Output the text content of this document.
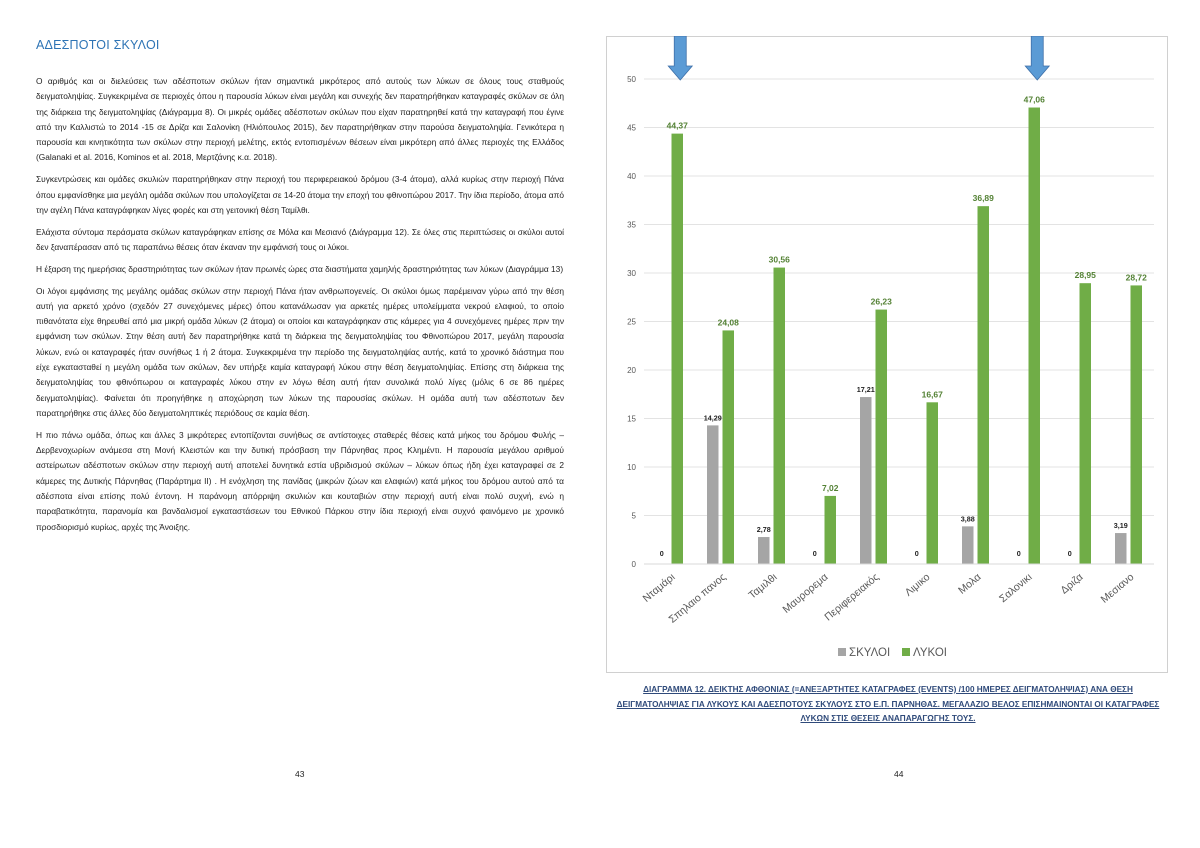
ΑΔΕΣΠΟΤΟΙ ΣΚΥΛΟΙ

Ο αριθμός και οι διελεύσεις των αδέσποτων σκύλων ήταν σημαντικά μικρότερος από αυτούς των λύκων σε όλους τους σταθμούς δειγματοληψίας. Συγκεκριμένα σε περιοχές όπου η παρουσία λύκων είναι μεγάλη και συνεχής δεν παρατηρήθηκαν καταγραφές σκύλων σε όλη της διάρκεια της δειγματοληψίας (Διάγραμμα 8). Οι μικρές ομάδες αδέσποτων σκύλων που είχαν παρατηρηθεί κατά την καταγραφή που έγινε από την Καλλιστώ το 2014 -15 σε Δρίζα και Σαλονίκη (Ηλιόπουλος 2015), δεν παρατηρήθηκαν στην παρούσα δειγματοληψία. Γενικότερα η παρουσία και κινητικότητα των σκύλων στην περιοχή μελέτης, εκτός εντοπισμένων θέσεων είναι μικρότερη από άλλες περιοχές της Ελλάδος (Galanaki et al. 2016, Kominos et al. 2018, Μερτζάνης κ.α. 2018).

Συγκεντρώσεις και ομάδες σκυλιών παρατηρήθηκαν στην περιοχή του περιφερειακού δρόμου (3-4 άτομα), αλλά κυρίως στην περιοχή Πάνα όπου εμφανίσθηκε μια μεγάλη ομάδα σκύλων που υπολογίζεται σε 14-20 άτομα την εποχή του φθινοπώρου 2017. Την ίδια περίοδο, άτομα από την αγέλη Πάνα καταγράφηκαν λίγες φορές και στη γειτονική θέση Ταμίλθι.

Ελάχιστα σύντομα περάσματα σκύλων καταγράφηκαν επίσης σε Μόλα και Μεσιανό (Διάγραμμα 12). Σε όλες στις περιπτώσεις οι σκύλοι αυτοί δεν ξαναπέρασαν από τις παραπάνω θέσεις όταν έκαναν την εμφάνισή τους οι λύκοι.

Η έξαρση της ημερήσιας δραστηριότητας των σκύλων ήταν πρωινές ώρες στα διαστήματα χαμηλής δραστηριότητας των λύκων (Διαγράμμα 13)

Οι λόγοι εμφάνισης της μεγάλης ομάδας σκύλων στην περιοχή Πάνα ήταν ανθρωπογενείς. Οι σκύλοι όμως παρέμειναν γύρω από την θέση αυτή για αρκετό χρόνο (σχεδόν 27 συνεχόμενες μέρες) όπου κατανάλωσαν για αρκετές ημέρες υπολείμματα νεκρού ελαφιού, το οποίο πιθανότατα είχε θηρευθεί από μια μικρή ομάδα λύκων (2 άτομα) οι οποίοι και καταγράφηκαν στις κάμερες για 4 συνεχόμενες ημέρες πριν την εμφάνιση των σκύλων. Στην θέση αυτή δεν παρατηρήθηκε κατά τη διάρκεια της δειγματοληψίας του Φθινοπώρου 2017, μεγάλη παρουσία λύκων, ενώ οι καταγραφές ήταν συνήθως 1 ή 2 άτομα. Συγκεκριμένα την περίοδο της δειγματοληψίας αυτής, κατά το χρονικό διάστημα που είχε εγκατασταθεί η μεγάλη ομάδα των σκύλων, δεν υπήρξε καμία καταγραφή λύκου στην θέση δειγματοληψίας. Επίσης στη διάρκεια της δειγματοληψίας του φθινόπωρου οι καταγραφές λύκου στην εν λόγω θέση αυτή ήταν συνολικά πολύ λίγες (μόλις 6 σε 86 ημέρες δειγματοληψίας). Φαίνεται ότι προηγήθηκε η αποχώρηση των λύκων της παρουσίας σκύλων. Η ομάδα αυτή των αδέσποτων δεν παρατηρήθηκε στις άλλες δύο δειγματοληπτικές περιόδους σε καμία θέση.

Η πιο πάνω ομάδα, όπως και άλλες 3 μικρότερες εντοπίζονται συνήθως σε αντίστοιχες σταθερές θέσεις κατά μήκος του δρόμου Φυλής – Δερβενοχωρίων ανάμεσα στη Μονή Κλειστών και την δυτική πρόσβαση την Πάρνηθας προς Κλημέντι. Η παρουσία μεγάλου αριθμού αστείρωτων αδέσποτων σκύλων στην περιοχή αυτή αποτελεί δυνητικά εστία υβριδισμού σκύλων – λύκων όπως ήδη έχει καταγραφεί σε 2 κάμερες της Δυτικής Πάρνηθας (Παράρτημα ΙΙ) . Η ενόχληση της πανίδας (μικρών ζώων και ελαφιών) κατά μήκος του δρόμου αυτού από τα αδέσποτα είναι επίσης πολύ έντονη. Η παράνομη απόρριψη σκυλιών και κουταβιών στην περιοχή αυτή είναι πολύ συχνή, ενώ η παραβατικότητα, παρανομία και βανδαλισμοί εγκαταστάσεων του Εθνικού Πάρκου στην ίδια περιοχή είναι συχνό φαινόμενο με χρονικό προσδιορισμό κυρίως, αρχές της Άνοιξης.

43
0
5
10
15
20
25
30
35
40
45
50
0
44,37
Νταμάρι
14,29
24,08
Σπηλαιο πανος
2,78
30,56
Ταμιλθι
0
7,02
Μαυρορεμα
17,21
26,23
Περιφερειακός
0
16,67
Λιμικο
3,88
36,89
Μολα
0
47,06
Σαλονικι
0
28,95
Δριζα
3,19
28,72
Μεσιανο
ΣΚΥΛΟΙ ΛΥΚΟΙ
ΔΙΑΓΡΑΜΜΑ 12. ΔΕΙΚΤΗΣ ΑΦΘΟΝΙΑΣ (=ΑΝΕΞΑΡΤΗΤΕΣ ΚΑΤΑΓΡΑΦΕΣ (EVENTS) /100 ΗΜΕΡΕΣ ΔΕΙΓΜΑΤΟΛΗΨΙΑΣ) ΑΝΑ ΘΕΣΗ ΔΕΙΓΜΑΤΟΛΗΨΙΑΣ ΓΙΑ ΛΥΚΟΥΣ ΚΑΙ ΑΔΕΣΠΟΤΟΥΣ ΣΚΥΛΟΥΣ ΣΤΟ Ε.Π. ΠΑΡΝΗΘΑΣ. ΜΕΓΑΛΑΖΙΟ ΒΕΛΟΣ ΕΠΙΣΗΜΑΙΝΟΝΤΑΙ ΟΙ ΚΑΤΑΓΡΑΦΕΣ ΛΥΚΩΝ ΣΤΙΣ ΘΕΣΕΙΣ ΑΝΑΠΑΡΑΓΩΓΗΣ ΤΟΥΣ.
44
